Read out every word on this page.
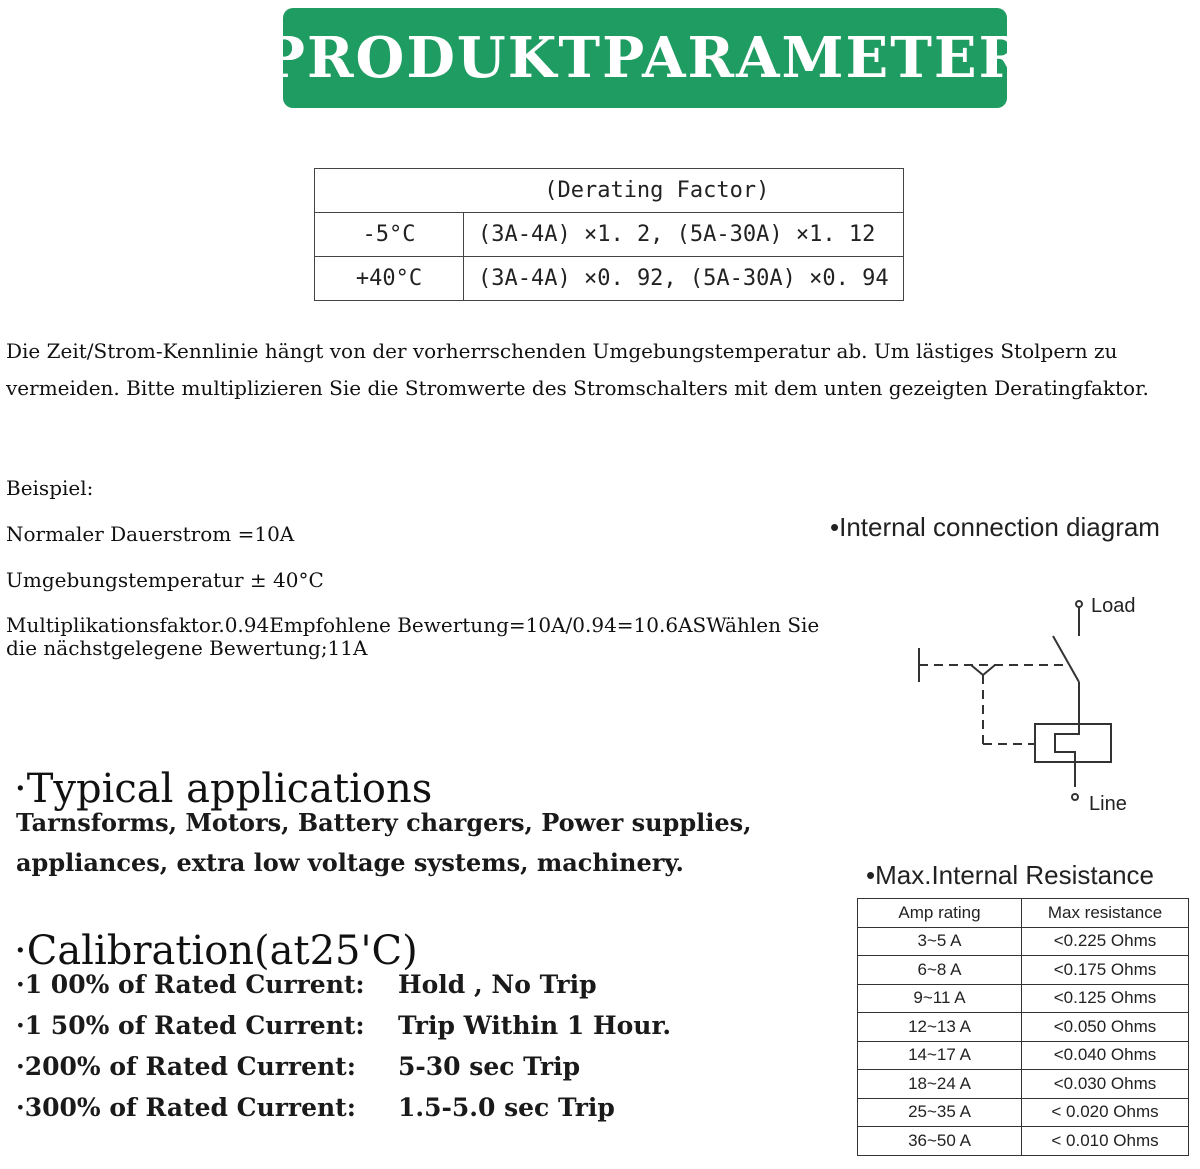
PRODUKTPARAMETER
(Derating Factor)	
-5°C	(3A-4A) ×1. 2, (5A-30A) ×1. 12
+40°C	(3A-4A) ×0. 92, (5A-30A) ×0. 94
Die Zeit/Strom-Kennlinie hängt von der vorherrschenden Umgebungstemperatur ab. Um lästiges Stolpern zu vermeiden. Bitte multiplizieren Sie die Stromwerte des Stromschalters mit dem unten gezeigten Deratingfaktor.
Beispiel:
Normaler Dauerstrom =10A
Umgebungstemperatur ± 40°C
Multiplikationsfaktor.0.94Empfohlene Bewertung=10A/0.94=10.6ASWählen Sie die nächstgelegene Bewertung;11A
·Typical applications
Tarnsforms, Motors, Battery chargers, Power supplies,
appliances, extra low voltage systems, machinery.
·Calibration(at25'C)
·1 00% of Rated Current: Hold , No Trip
·1 50% of Rated Current: Trip Within 1 Hour.
·200% of Rated Current: 5-30 sec Trip
·300% of Rated Current: 1.5-5.0 sec Trip
•Internal connection diagram
Load
Line
•Max.Internal Resistance
Amp rating	Max resistance
3~5 A	<0.225 Ohms
6~8 A	<0.175 Ohms
9~11 A	<0.125 Ohms
12~13 A	<0.050 Ohms
14~17 A	<0.040 Ohms
18~24 A	<0.030 Ohms
25~35 A	< 0.020 Ohms
36~50 A	< 0.010 Ohms
